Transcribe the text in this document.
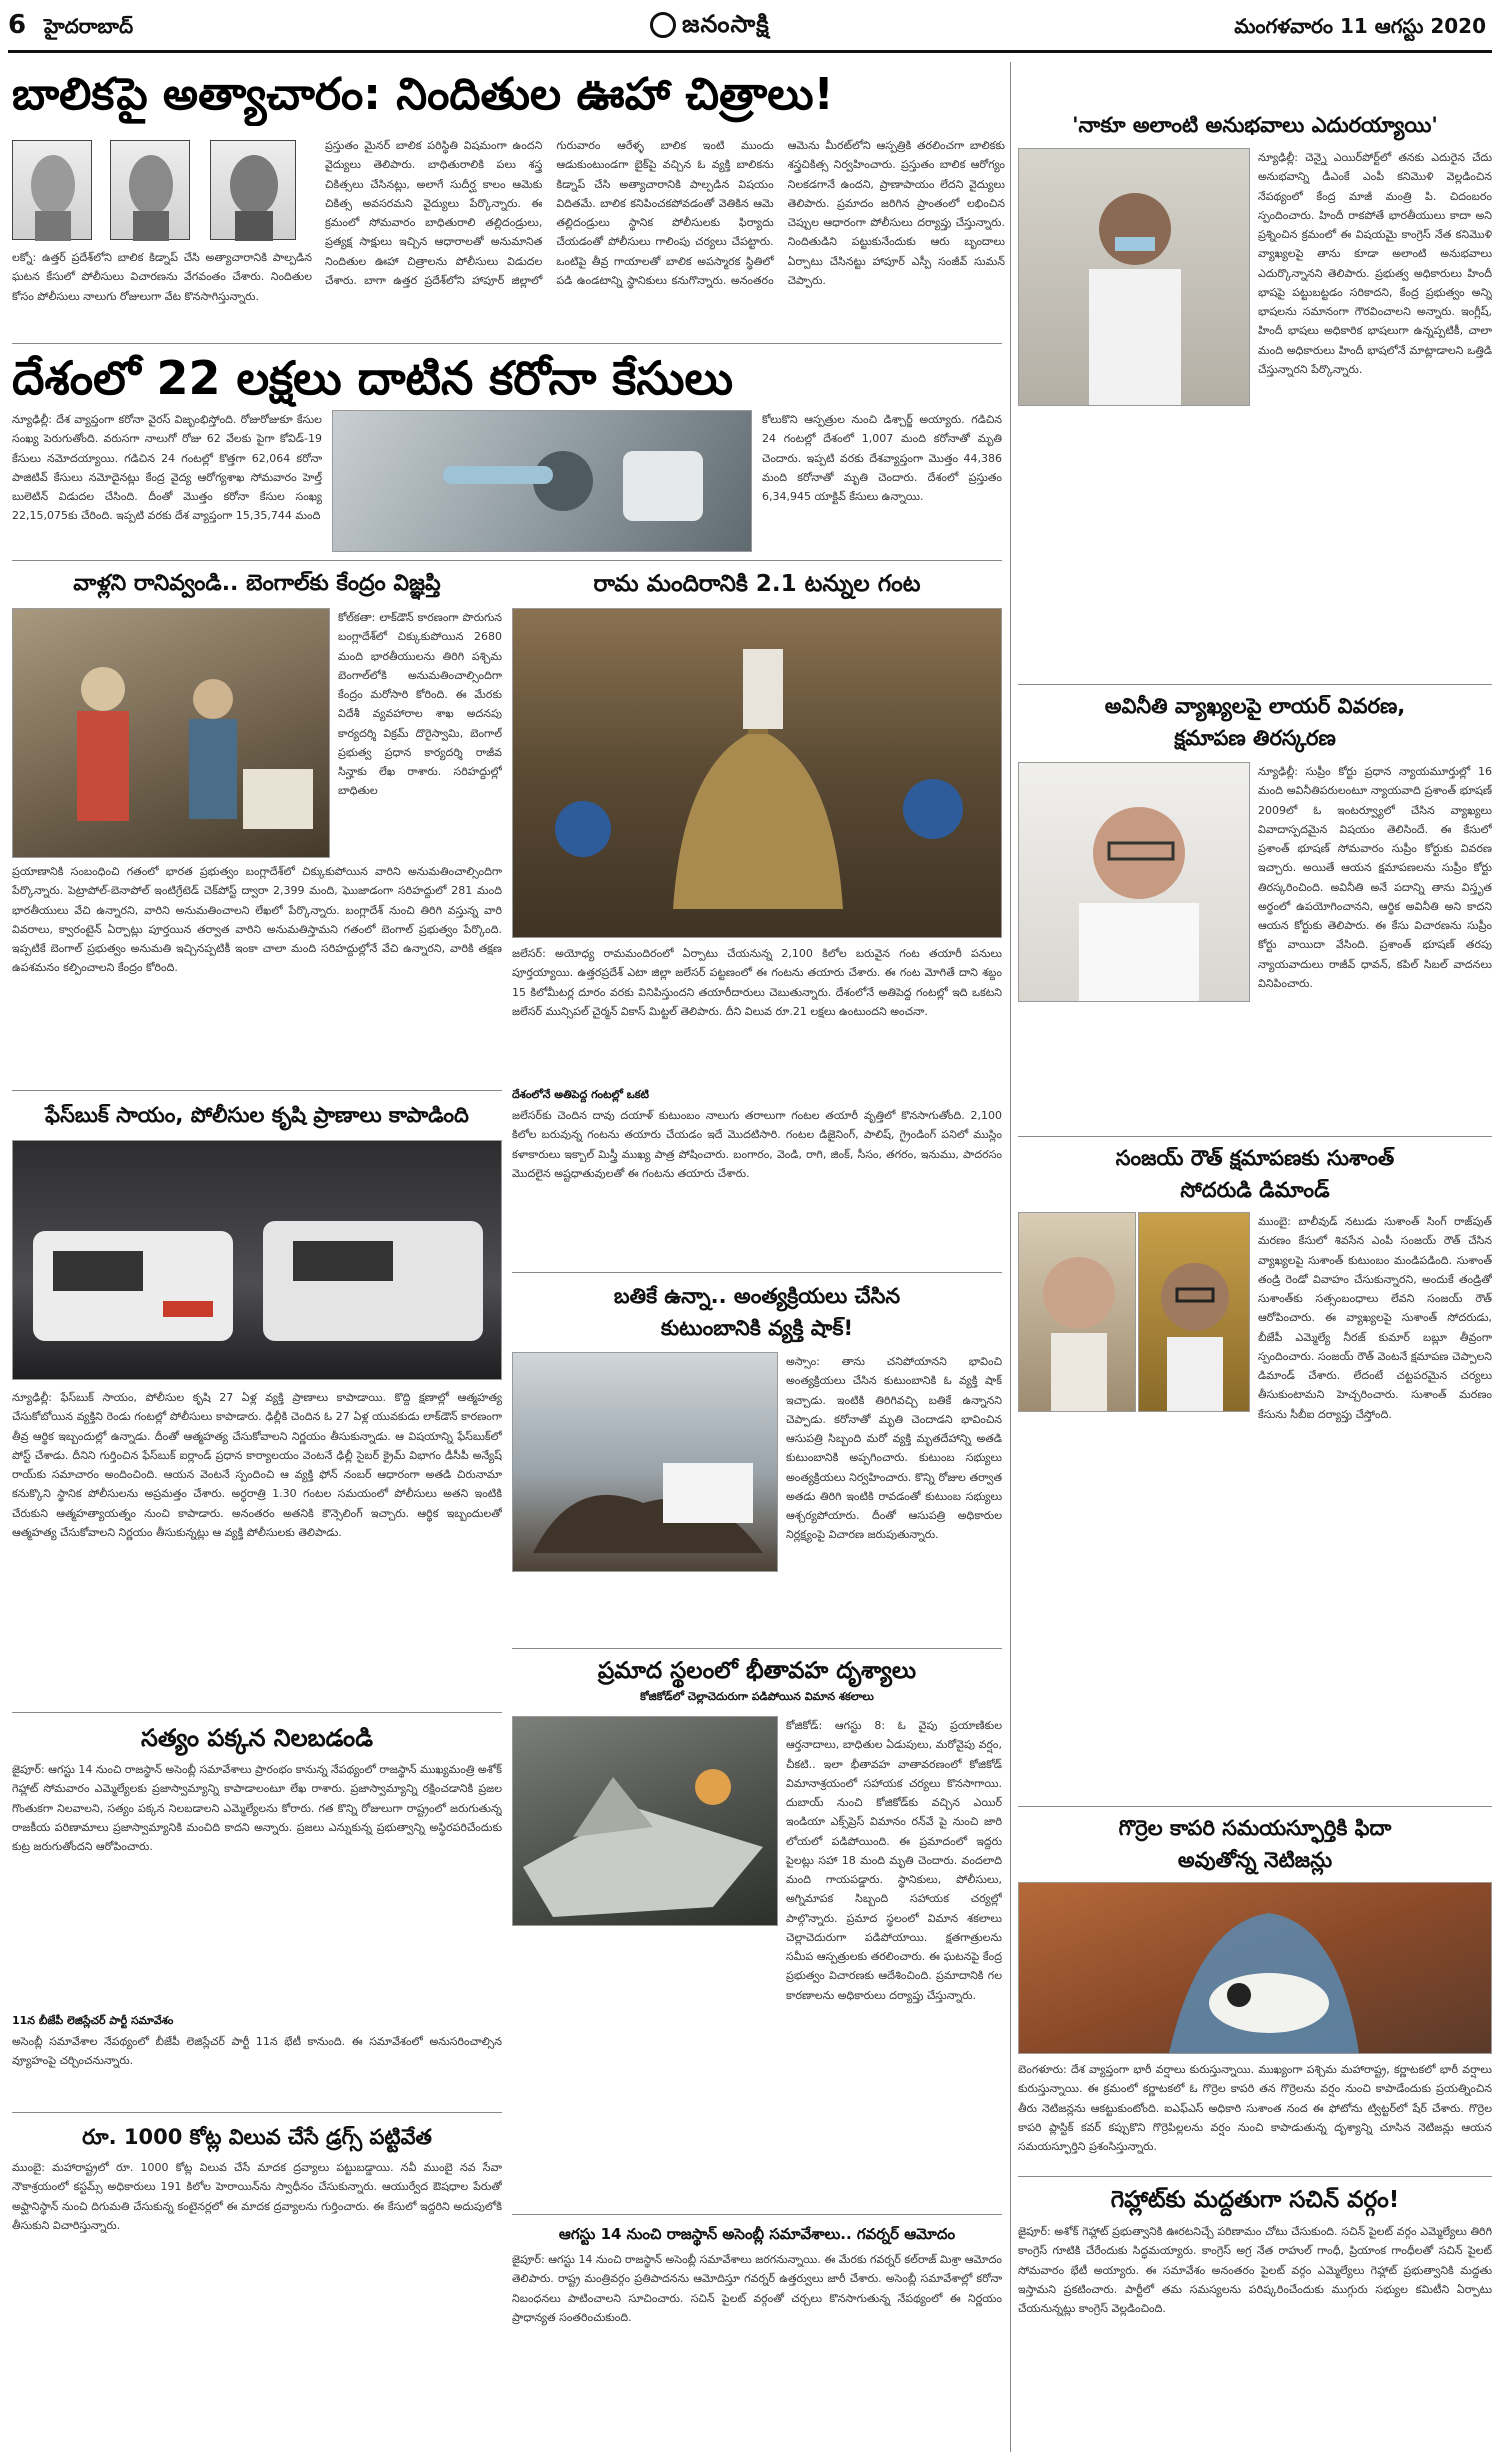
6 హైదరాబాద్	జనంసాక్షి	మంగళవారం 11 ఆగస్టు 2020
బాలికపై అత్యాచారం: నిందితుల ఊహా చిత్రాలు!
లక్నో: ఉత్తర్ ప్రదేశ్‌లోని బాలిక కిడ్నాప్ చేసి అత్యాచారానికి పాల్పడిన ఘటన కేసులో పోలీసులు విచారణను వేగవంతం చేశారు. నిందితుల కోసం పోలీసులు నాలుగు రోజులుగా వేట కొనసాగిస్తున్నారు.
ప్రస్తుతం మైనర్ బాలిక పరిస్థితి విషమంగా ఉందని వైద్యులు తెలిపారు. బాధితురాలికి పలు శస్త్ర చికిత్సలు చేసినట్లు, అలాగే సుదీర్ఘ కాలం ఆమెకు చికిత్స అవసరమని వైద్యులు పేర్కొన్నారు. ఈ క్రమంలో సోమవారం బాధితురాలి తల్లిదండ్రులు, ప్రత్యక్ష సాక్షులు ఇచ్చిన ఆధారాలతో అనుమానిత నిందితుల ఊహా చిత్రాలను పోలీసులు విడుదల చేశారు. బాగా ఉత్తర ప్రదేశ్‌లోని హాపూర్ జిల్లాలో గురువారం ఆరేళ్ళ బాలిక ఇంటి ముందు ఆడుకుంటుండగా బైక్‌పై వచ్చిన ఓ వ్యక్తి బాలికను కిడ్నాప్ చేసి అత్యాచారానికి పాల్పడిన విషయం విదితమే. బాలిక కనిపించకపోవడంతో వెతికిన ఆమె తల్లిదండ్రులు స్థానిక పోలీసులకు ఫిర్యాదు చేయడంతో పోలీసులు గాలింపు చర్యలు చేపట్టారు. ఒంటిపై తీవ్ర గాయాలతో బాలిక అపస్మారక స్థితిలో పడి ఉండటాన్ని స్థానికులు కనుగొన్నారు. అనంతరం ఆమెను మీరట్‌లోని ఆస్పత్రికి తరలించగా బాలికకు శస్త్రచికిత్స నిర్వహించారు. ప్రస్తుతం బాలిక ఆరోగ్యం నిలకడగానే ఉందని, ప్రాణాపాయం లేదని వైద్యులు తెలిపారు. ప్రమాదం జరిగిన ప్రాంతంలో లభించిన చెప్పుల ఆధారంగా పోలీసులు దర్యాప్తు చేస్తున్నారు. నిందితుడిని పట్టుకునేందుకు ఆరు బృందాలు ఏర్పాటు చేసినట్టు హాపూర్ ఎస్పీ సంజీవ్ సుమన్ చెప్పారు.
దేశంలో 22 లక్షలు దాటిన కరోనా కేసులు
న్యూఢిల్లీ: దేశ వ్యాప్తంగా కరోనా వైరస్ విజృంభిస్తోంది. రోజురోజుకూ కేసుల సంఖ్య పెరుగుతోంది. వరుసగా నాలుగో రోజు 62 వేలకు పైగా కోవిడ్-19 కేసులు నమోదయ్యాయి. గడిచిన 24 గంటల్లో కొత్తగా 62,064 కరోనా పాజిటివ్ కేసులు నమోదైనట్లు కేంద్ర వైద్య ఆరోగ్యశాఖ సోమవారం హెల్త్ బులెటిన్ విడుదల చేసింది. దీంతో మొత్తం కరోనా కేసుల సంఖ్య 22,15,075కు చేరింది. ఇప్పటి వరకు దేశ వ్యాప్తంగా 15,35,744 మంది
కోలుకొని ఆస్పత్రుల నుంచి డిశ్చార్జ్ అయ్యారు. గడిచిన 24 గంటల్లో దేశంలో 1,007 మంది కరోనాతో మృతి చెందారు. ఇప్పటి వరకు దేశవ్యాప్తంగా మొత్తం 44,386 మంది కరోనాతో మృతి చెందారు. దేశంలో ప్రస్తుతం 6,34,945 యాక్టివ్ కేసులు ఉన్నాయి.
వాళ్లని రానివ్వండి.. బెంగాల్‌కు కేంద్రం విజ్ఞప్తి
కోల్‌కతా: లాక్‌డౌన్ కారణంగా పొరుగున బంగ్లాదేశ్‌లో చిక్కుకుపోయిన 2680 మంది భారతీయులను తిరిగి పశ్చిమ బెంగాల్‌లోకి అనుమతించాల్సిందిగా కేంద్రం మరోసారి కోరింది. ఈ మేరకు విదేశీ వ్యవహారాల శాఖ అదనపు కార్యదర్శి విక్రమ్ దొరైస్వామి, బెంగాల్ ప్రభుత్వ ప్రధాన కార్యదర్శి రాజీవ సిన్హాకు లేఖ రాశారు. సరిహద్దుల్లో బాధితుల
ప్రయాణానికి సంబంధించి గతంలో భారత ప్రభుత్వం బంగ్లాదేశ్‌లో చిక్కుకుపోయిన వారిని అనుమతించాల్సిందిగా పేర్కొన్నారు. పెట్రాపోల్-బెనాపోల్ ఇంటిగ్రేటెడ్ చెక్‌పోస్ట్ ద్వారా 2,399 మంది, ఘొజాడంగా సరిహద్దులో 281 మంది భారతీయులు వేచి ఉన్నారని, వారిని అనుమతించాలని లేఖలో పేర్కొన్నారు. బంగ్లాదేశ్ నుంచి తిరిగి వస్తున్న వారి వివరాలు, క్వారంటైన్ ఏర్పాట్లు పూర్తయిన తర్వాత వారిని అనుమతిస్తామని గతంలో బెంగాల్ ప్రభుత్వం పేర్కొంది. ఇప్పటికే బెంగాల్ ప్రభుత్వం అనుమతి ఇచ్చినప్పటికీ ఇంకా చాలా మంది సరిహద్దుల్లోనే వేచి ఉన్నారని, వారికి తక్షణ ఉపశమనం కల్పించాలని కేంద్రం కోరింది.
రామ మందిరానికి 2.1 టన్నుల గంట
జలేసర్: అయోధ్య రామమందిరంలో ఏర్పాటు చేయనున్న 2,100 కిలోల బరువైన గంట తయారీ పనులు పూర్తయ్యాయి. ఉత్తరప్రదేశ్ ఎటా జిల్లా జలేసర్ పట్టణంలో ఈ గంటను తయారు చేశారు. ఈ గంట మోగితే దాని శబ్దం 15 కిలోమీటర్ల దూరం వరకు వినిపిస్తుందని తయారీదారులు చెబుతున్నారు. దేశంలోనే అతిపెద్ద గంటల్లో ఇది ఒకటని జలేసర్ మున్సిపల్ చైర్మన్ వికాస్ మిట్టల్ తెలిపారు. దీని విలువ రూ.21 లక్షలు ఉంటుందని అంచనా.
దేశంలోనే అతిపెద్ద గంటల్లో ఒకటి
జలేసర్‌కు చెందిన దావు దయాళ్ కుటుంబం నాలుగు తరాలుగా గంటల తయారీ వృత్తిలో కొనసాగుతోంది. 2,100 కిలోల బరువున్న గంటను తయారు చేయడం ఇదే మొదటిసారి. గంటల డిజైనింగ్, పాలిష్, గ్రైండింగ్ పనిలో ముస్లిం కళాకారులు ఇక్బాల్ మిస్త్రీ ముఖ్య పాత్ర పోషించారు. బంగారం, వెండి, రాగి, జింక్, సీసం, తగరం, ఇనుము, పాదరసం మొదలైన అష్టధాతువులతో ఈ గంటను తయారు చేశారు.
ఫేస్‌బుక్ సాయం, పోలీసుల కృషి ప్రాణాలు కాపాడింది
న్యూఢిల్లీ: ఫేస్‌బుక్ సాయం, పోలీసుల కృషి 27 ఏళ్ల వ్యక్తి ప్రాణాలు కాపాడాయి. కొద్ది క్షణాల్లో ఆత్మహత్య చేసుకోబోయిన వ్యక్తిని రెండు గంటల్లో పోలీసులు కాపాడారు. ఢిల్లీకి చెందిన ఓ 27 ఏళ్ల యువకుడు లాక్‌డౌన్ కారణంగా తీవ్ర ఆర్థిక ఇబ్బందుల్లో ఉన్నాడు. దీంతో ఆత్మహత్య చేసుకోవాలని నిర్ణయం తీసుకున్నాడు. ఆ విషయాన్ని ఫేస్‌బుక్‌లో పోస్ట్ చేశాడు. దీనిని గుర్తించిన ఫేస్‌బుక్ ఐర్లాండ్ ప్రధాన కార్యాలయం వెంటనే ఢిల్లీ సైబర్ క్రైమ్ విభాగం డీసీపీ అన్యేష్ రాయ్‌కు సమాచారం అందించింది. ఆయన వెంటనే స్పందించి ఆ వ్యక్తి ఫోన్ నంబర్ ఆధారంగా అతడి చిరునామా కనుక్కొని స్థానిక పోలీసులను అప్రమత్తం చేశారు. అర్ధరాత్రి 1.30 గంటల సమయంలో పోలీసులు అతని ఇంటికి చేరుకుని ఆత్మహత్యాయత్నం నుంచి కాపాడారు. అనంతరం అతనికి కౌన్సెలింగ్ ఇచ్చారు. ఆర్థిక ఇబ్బందులతో ఆత్మహత్య చేసుకోవాలని నిర్ణయం తీసుకున్నట్లు ఆ వ్యక్తి పోలీసులకు తెలిపాడు.
సత్యం పక్కన నిలబడండి
జైపూర్: ఆగస్టు 14 నుంచి రాజస్థాన్ అసెంబ్లీ సమావేశాలు ప్రారంభం కానున్న నేపథ్యంలో రాజస్థాన్ ముఖ్యమంత్రి అశోక్ గెహ్లాట్ సోమవారం ఎమ్మెల్యేలకు ప్రజాస్వామ్యాన్ని కాపాడాలంటూ లేఖ రాశారు. ప్రజాస్వామ్యాన్ని రక్షించడానికి ప్రజల గొంతుకగా నిలవాలని, సత్యం పక్కన నిలబడాలని ఎమ్మెల్యేలను కోరారు. గత కొన్ని రోజులుగా రాష్ట్రంలో జరుగుతున్న రాజకీయ పరిణామాలు ప్రజాస్వామ్యానికి మంచిది కాదని అన్నారు. ప్రజలు ఎన్నుకున్న ప్రభుత్వాన్ని అస్థిరపరిచేందుకు కుట్ర జరుగుతోందని ఆరోపించారు.
11న బీజేపీ లెజిస్లేచర్ పార్టీ సమావేశం
అసెంబ్లీ సమావేశాల నేపథ్యంలో బీజేపీ లెజిస్లేచర్ పార్టీ 11న భేటీ కానుంది. ఈ సమావేశంలో అనుసరించాల్సిన వ్యూహంపై చర్చించనున్నారు.
రూ. 1000 కోట్ల విలువ చేసే డ్రగ్స్ పట్టివేత
ముంబై: మహారాష్ట్రలో రూ. 1000 కోట్ల విలువ చేసే మాదక ద్రవ్యాలు పట్టుబడ్డాయి. నవీ ముంబై నవ సేవా నౌకాశ్రయంలో కస్టమ్స్ అధికారులు 191 కిలోల హెరాయిన్‌ను స్వాధీనం చేసుకున్నారు. ఆయుర్వేద ఔషధాల పేరుతో అఫ్ఘానిస్థాన్ నుంచి దిగుమతి చేసుకున్న కంటైనర్లలో ఈ మాదక ద్రవ్యాలను గుర్తించారు. ఈ కేసులో ఇద్దరిని అదుపులోకి తీసుకుని విచారిస్తున్నారు.
బతికే ఉన్నా.. అంత్యక్రియలు చేసిన
కుటుంబానికి వ్యక్తి షాక్!
అస్సాం: తాను చనిపోయానని భావించి అంత్యక్రియలు చేసిన కుటుంబానికి ఓ వ్యక్తి షాక్ ఇచ్చాడు. ఇంటికి తిరిగివచ్చి బతికే ఉన్నానని చెప్పాడు. కరోనాతో మృతి చెందాడని భావించిన ఆసుపత్రి సిబ్బంది మరో వ్యక్తి మృతదేహాన్ని అతడి కుటుంబానికి అప్పగించారు. కుటుంబ సభ్యులు అంత్యక్రియలు నిర్వహించారు. కొన్ని రోజుల తర్వాత అతడు తిరిగి ఇంటికి రావడంతో కుటుంబ సభ్యులు ఆశ్చర్యపోయారు. దీంతో ఆసుపత్రి అధికారుల నిర్లక్ష్యంపై విచారణ జరుపుతున్నారు.
ప్రమాద స్థలంలో భీతావహ దృశ్యాలు
కోజికోడ్‌లో చెల్లాచెదురుగా పడిపోయిన విమాన శకలాలు
కోజికోడ్: ఆగస్టు 8: ఓ వైపు ప్రయాణికుల ఆర్తనాదాలు, బాధితుల ఏడుపులు, మరోవైపు వర్షం, చీకటి.. ఇలా భీతావహ వాతావరణంలో కోజికోడ్ విమానాశ్రయంలో సహాయక చర్యలు కొనసాగాయి. దుబాయ్ నుంచి కోజికోడ్‌కు వచ్చిన ఎయిర్ ఇండియా ఎక్స్‌ప్రెస్ విమానం రన్‌వే పై నుంచి జారి లోయలో పడిపోయింది. ఈ ప్రమాదంలో ఇద్దరు పైలట్లు సహా 18 మంది మృతి చెందారు. వందలాది మంది గాయపడ్డారు. స్థానికులు, పోలీసులు, అగ్నిమాపక సిబ్బంది సహాయక చర్యల్లో పాల్గొన్నారు. ప్రమాద స్థలంలో విమాన శకలాలు చెల్లాచెదురుగా పడిపోయాయి. క్షతగాత్రులను సమీప ఆస్పత్రులకు తరలించారు. ఈ ఘటనపై కేంద్ర ప్రభుత్వం విచారణకు ఆదేశించింది. ప్రమాదానికి గల కారణాలను అధికారులు దర్యాప్తు చేస్తున్నారు.
ఆగస్టు 14 నుంచి రాజస్థాన్ అసెంబ్లీ సమావేశాలు.. గవర్నర్ ఆమోదం
జైపూర్: ఆగస్టు 14 నుంచి రాజస్థాన్ అసెంబ్లీ సమావేశాలు జరగనున్నాయి. ఈ మేరకు గవర్నర్ కల్‌రాజ్ మిశ్రా ఆమోదం తెలిపారు. రాష్ట్ర మంత్రివర్గం ప్రతిపాదనను ఆమోదిస్తూ గవర్నర్ ఉత్తర్వులు జారీ చేశారు. అసెంబ్లీ సమావేశాల్లో కరోనా నిబంధనలు పాటించాలని సూచించారు. సచిన్ పైలట్ వర్గంతో చర్చలు కొనసాగుతున్న నేపథ్యంలో ఈ నిర్ణయం ప్రాధాన్యత సంతరించుకుంది.
'నాకూ అలాంటి అనుభవాలు ఎదురయ్యాయి'
న్యూఢిల్లీ: చెన్నై ఎయిర్‌పోర్ట్‌లో తనకు ఎదురైన చేదు అనుభవాన్ని డీఎంకే ఎంపీ కనిమొళి వెల్లడించిన నేపథ్యంలో కేంద్ర మాజీ మంత్రి పి. చిదంబరం స్పందించారు. హిందీ రాకపోతే భారతీయులు కాదా అని ప్రశ్నించిన క్రమంలో ఈ విషయమై కాంగ్రెస్ నేత కనిమొళి వ్యాఖ్యలపై తాను కూడా అలాంటి అనుభవాలు ఎదుర్కొన్నానని తెలిపారు. ప్రభుత్వ అధికారులు హిందీ భాషపై పట్టుబట్టడం సరికాదని, కేంద్ర ప్రభుత్వం అన్ని భాషలను సమానంగా గౌరవించాలని అన్నారు. ఇంగ్లీష్, హిందీ భాషలు అధికారిక భాషలుగా ఉన్నప్పటికీ, చాలా మంది అధికారులు హిందీ భాషలోనే మాట్లాడాలని ఒత్తిడి చేస్తున్నారని పేర్కొన్నారు.
అవినీతి వ్యాఖ్యలపై లాయర్ వివరణ,
క్షమాపణ తిరస్కరణ
న్యూఢిల్లీ: సుప్రీం కోర్టు ప్రధాన న్యాయమూర్తుల్లో 16 మంది అవినీతిపరులంటూ న్యాయవాది ప్రశాంత్ భూషణ్ 2009లో ఓ ఇంటర్వ్యూలో చేసిన వ్యాఖ్యలు వివాదాస్పదమైన విషయం తెలిసిందే. ఈ కేసులో ప్రశాంత్ భూషణ్ సోమవారం సుప్రీం కోర్టుకు వివరణ ఇచ్చారు. అయితే ఆయన క్షమాపణలను సుప్రీం కోర్టు తిరస్కరించింది. అవినీతి అనే పదాన్ని తాను విస్తృత అర్థంలో ఉపయోగించానని, ఆర్థిక అవినీతి అని కాదని ఆయన కోర్టుకు తెలిపారు. ఈ కేసు విచారణను సుప్రీం కోర్టు వాయిదా వేసింది. ప్రశాంత్ భూషణ్ తరపు న్యాయవాదులు రాజీవ్ ధావన్, కపిల్ సిబల్ వాదనలు వినిపించారు.
సంజయ్ రౌత్ క్షమాపణకు సుశాంత్
సోదరుడి డిమాండ్
ముంబై: బాలీవుడ్ నటుడు సుశాంత్ సింగ్ రాజ్‌పుత్ మరణం కేసులో శివసేన ఎంపీ సంజయ్ రౌత్ చేసిన వ్యాఖ్యలపై సుశాంత్ కుటుంబం మండిపడింది. సుశాంత్ తండ్రి రెండో వివాహం చేసుకున్నారని, అందుకే తండ్రితో సుశాంత్‌కు సత్సంబంధాలు లేవని సంజయ్ రౌత్ ఆరోపించారు. ఈ వ్యాఖ్యలపై సుశాంత్ సోదరుడు, బీజేపీ ఎమ్మెల్యే నీరజ్ కుమార్ బబ్లూ తీవ్రంగా స్పందించారు. సంజయ్ రౌత్ వెంటనే క్షమాపణ చెప్పాలని డిమాండ్ చేశారు. లేదంటే చట్టపరమైన చర్యలు తీసుకుంటామని హెచ్చరించారు. సుశాంత్ మరణం కేసును సీబీఐ దర్యాప్తు చేస్తోంది.
గొర్రెల కాపరి సమయస్ఫూర్తికి ఫిదా
అవుతోన్న నెటిజన్లు
బెంగళూరు: దేశ వ్యాప్తంగా భారీ వర్షాలు కురుస్తున్నాయి. ముఖ్యంగా పశ్చిమ మహారాష్ట్ర, కర్ణాటకలో భారీ వర్షాలు కురుస్తున్నాయి. ఈ క్రమంలో కర్ణాటకలో ఓ గొర్రెల కాపరి తన గొర్రెలను వర్షం నుంచి కాపాడేందుకు ప్రయత్నించిన తీరు నెటిజన్లను ఆకట్టుకుంటోంది. ఐఎఫ్‌ఎస్ అధికారి సుశాంత నంద ఈ ఫోటోను ట్విట్టర్‌లో షేర్ చేశారు. గొర్రెల కాపరి ప్లాస్టిక్ కవర్ కప్పుకొని గొర్రెపిల్లలను వర్షం నుంచి కాపాడుతున్న దృశ్యాన్ని చూసిన నెటిజన్లు ఆయన సమయస్ఫూర్తిని ప్రశంసిస్తున్నారు.
గెహ్లాట్‌కు మద్దతుగా సచిన్ వర్గం!
జైపూర్: అశోక్ గెహ్లాట్ ప్రభుత్వానికి ఊరటనిచ్చే పరిణామం చోటు చేసుకుంది. సచిన్ పైలట్ వర్గం ఎమ్మెల్యేలు తిరిగి కాంగ్రెస్ గూటికి చేరేందుకు సిద్ధమయ్యారు. కాంగ్రెస్ అగ్ర నేత రాహుల్ గాంధీ, ప్రియాంక గాంధీలతో సచిన్ పైలట్ సోమవారం భేటీ అయ్యారు. ఈ సమావేశం అనంతరం పైలట్ వర్గం ఎమ్మెల్యేలు గెహ్లాట్ ప్రభుత్వానికి మద్దతు ఇస్తామని ప్రకటించారు. పార్టీలో తమ సమస్యలను పరిష్కరించేందుకు ముగ్గురు సభ్యుల కమిటీని ఏర్పాటు చేయనున్నట్లు కాంగ్రెస్ వెల్లడించింది.
